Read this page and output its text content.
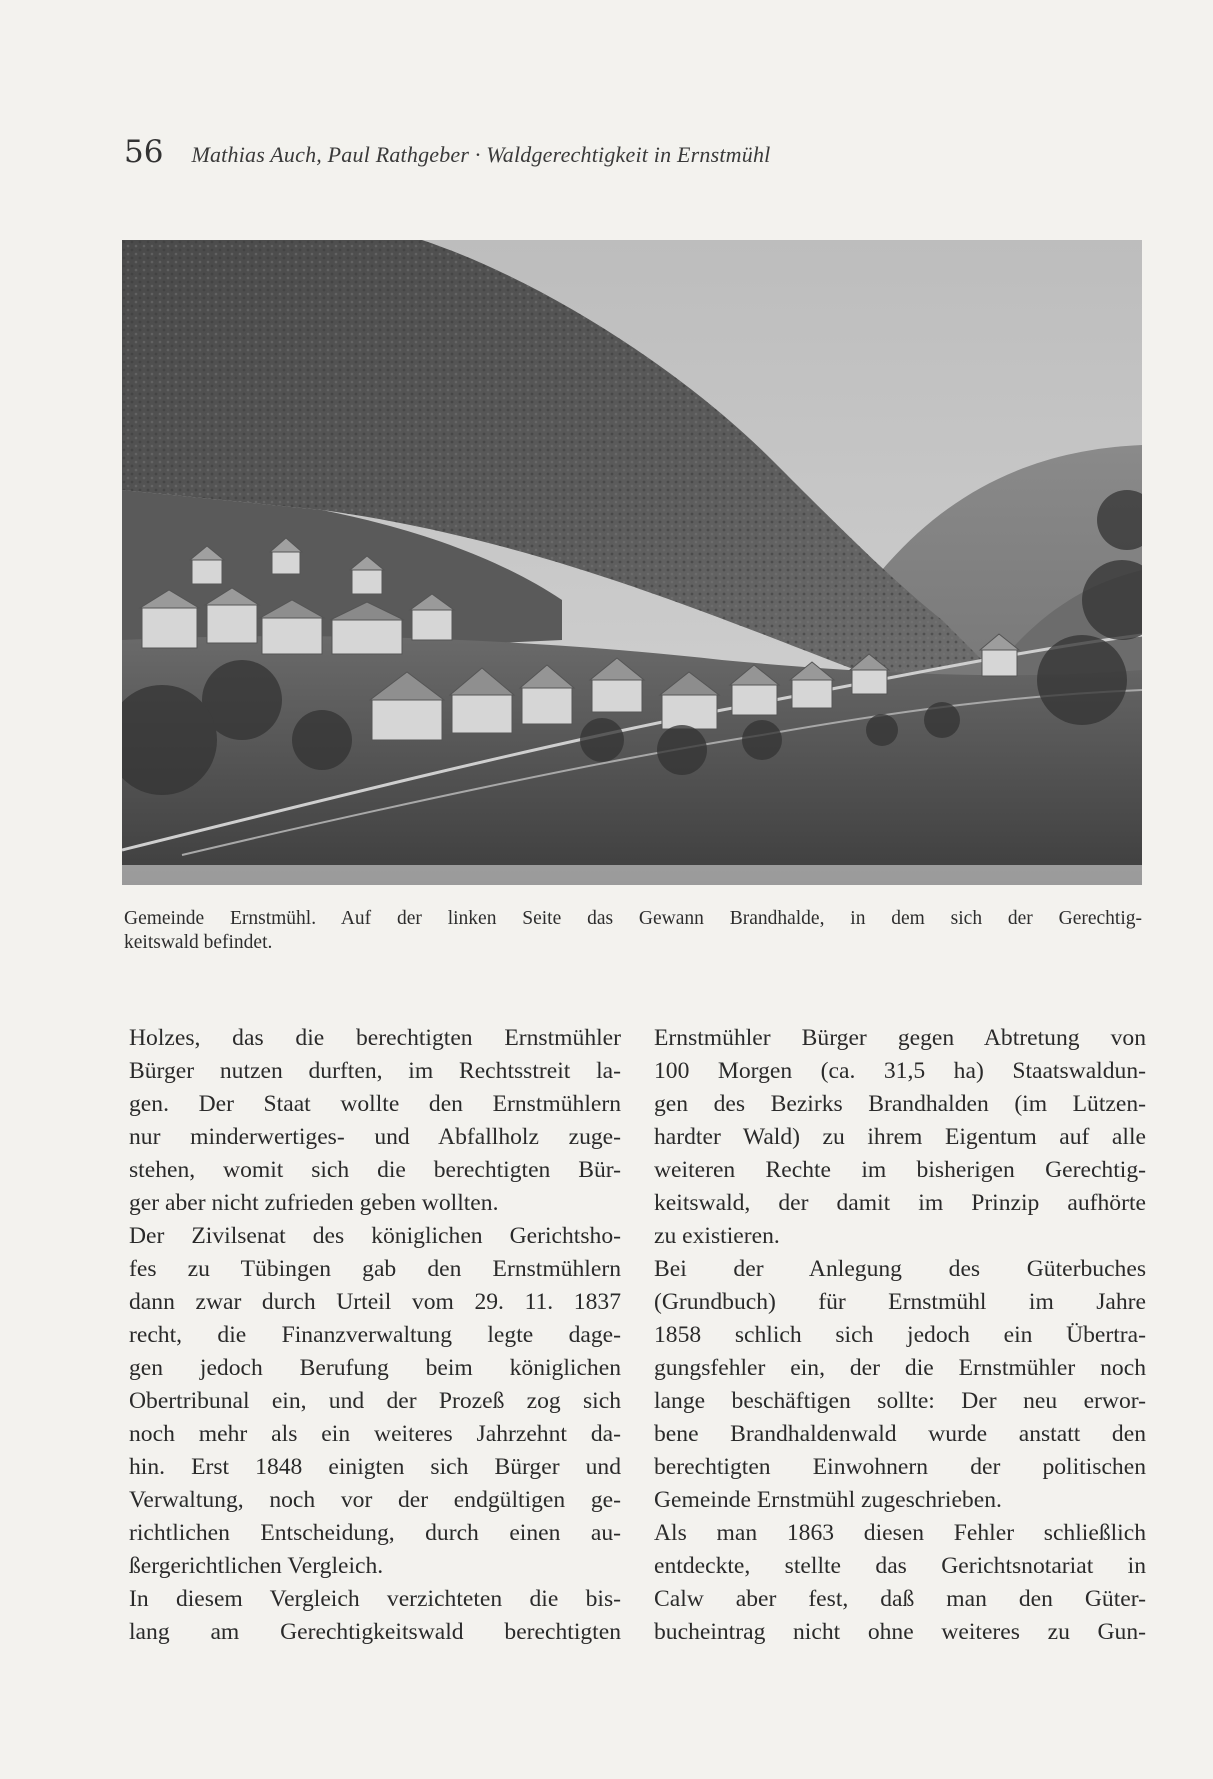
56 Mathias Auch, Paul Rathgeber · Waldgerechtigkeit in Ernstmühl
Gemeinde Ernstmühl. Auf der linken Seite das Gewann Brandhalde, in dem sich der Gerechtig-
keitswald befindet.
Holzes, das die berechtigten Ernstmühler
Bürger nutzen durften, im Rechtsstreit la-
gen. Der Staat wollte den Ernstmühlern
nur minderwertiges- und Abfallholz zuge-
stehen, womit sich die berechtigten Bür-
ger aber nicht zufrieden geben wollten.
Der Zivilsenat des königlichen Gerichtsho-
fes zu Tübingen gab den Ernstmühlern
dann zwar durch Urteil vom 29. 11. 1837
recht, die Finanzverwaltung legte dage-
gen jedoch Berufung beim königlichen
Obertribunal ein, und der Prozeß zog sich
noch mehr als ein weiteres Jahrzehnt da-
hin. Erst 1848 einigten sich Bürger und
Verwaltung, noch vor der endgültigen ge-
richtlichen Entscheidung, durch einen au-
ßergerichtlichen Vergleich.
In diesem Vergleich verzichteten die bis-
lang am Gerechtigkeitswald berechtigten
Ernstmühler Bürger gegen Abtretung von
100 Morgen (ca. 31,5 ha) Staatswaldun-
gen des Bezirks Brandhalden (im Lützen-
hardter Wald) zu ihrem Eigentum auf alle
weiteren Rechte im bisherigen Gerechtig-
keitswald, der damit im Prinzip aufhörte
zu existieren.
Bei der Anlegung des Güterbuches
(Grundbuch) für Ernstmühl im Jahre
1858 schlich sich jedoch ein Übertra-
gungsfehler ein, der die Ernstmühler noch
lange beschäftigen sollte: Der neu erwor-
bene Brandhaldenwald wurde anstatt den
berechtigten Einwohnern der politischen
Gemeinde Ernstmühl zugeschrieben.
Als man 1863 diesen Fehler schließlich
entdeckte, stellte das Gerichtsnotariat in
Calw aber fest, daß man den Güter-
bucheintrag nicht ohne weiteres zu Gun-
